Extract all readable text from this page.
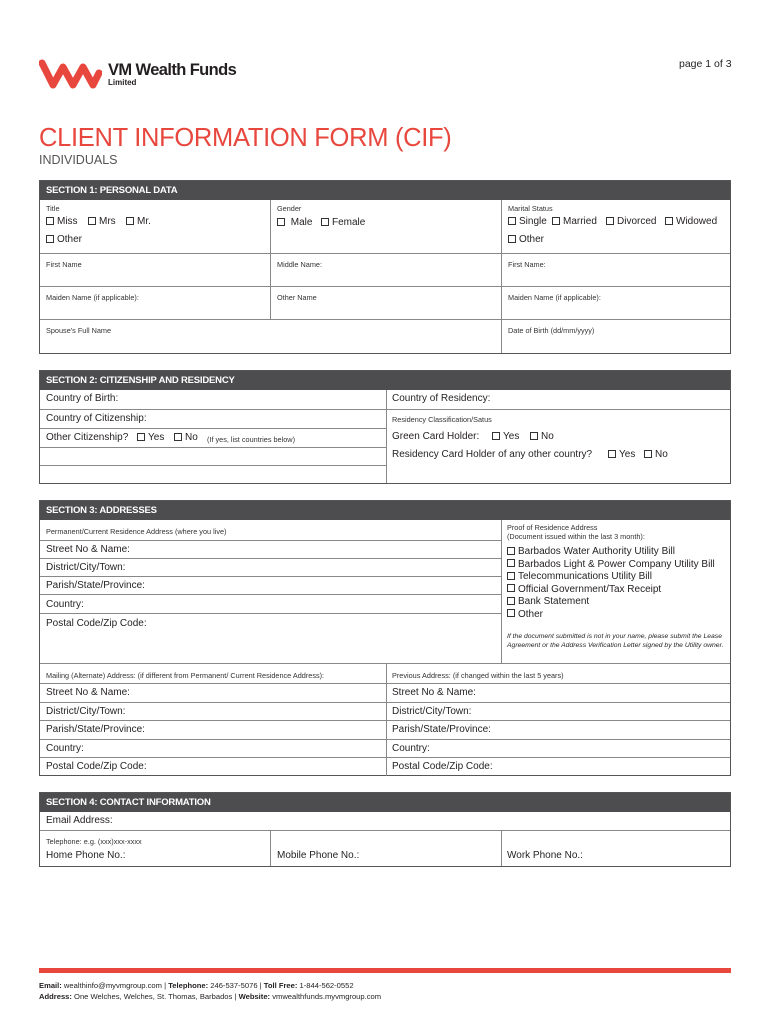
page 1 of 3
VM Wealth Funds
Limited
CLIENT INFORMATION FORM (CIF)
INDIVIDUALS
SECTION 1: PERSONAL DATA
Title
Miss	Mrs	Mr.
Other
Gender
Male	Female
Marital Status
Single	Married	Divorced	Widowed
Other
First Name	Middle Name:	First Name:
Maiden Name (if applicable):	Other Name	Maiden Name (if applicable):
Spouse's Full Name	Date of Birth (dd/mm/yyyy)
SECTION 2: CITIZENSHIP AND RESIDENCY
Country of Birth:	Country of Residency:
Country of Citizenship:	Residency Classification/Satus
Other Citizenship?	Yes	No (If yes, list countries below)	Green Card Holder:	Yes	No
Residency Card Holder of any other country?	Yes	No
SECTION 3: ADDRESSES
Permanent/Current Residence Address (where you live)
Street No & Name:
District/City/Town:
Parish/State/Province:
Country:
Postal Code/Zip Code:
Proof of Residence Address
(Document issued within the last 3 month):
Barbados Water Authority Utility Bill
Barbados Light & Power Company Utility Bill
Telecommunications Utility Bill
Official Government/Tax Receipt
Bank Statement
Other
If the document submitted is not in your name, please submit the Lease Agreement or the Address Verification Letter signed by the Utility owner.
Mailing (Alternate) Address: (if different from Permanent/ Current Residence Address):	Previous Address: (if changed within the last 5 years)
Street No & Name:	Street No & Name:
District/City/Town:	District/City/Town:
Parish/State/Province:	Parish/State/Province:
Country:	Country:
Postal Code/Zip Code:	Postal Code/Zip Code:
SECTION 4: CONTACT INFORMATION
Email Address:
Telephone: e.g. (xxx)xxx-xxxx
Home Phone No.:	Mobile Phone No.:	Work Phone No.:
Email: wealthinfo@myvmgroup.com | Telephone: 246-537-5076 | Toll Free: 1-844-562-0552
Address: One Welches, Welches, St. Thomas, Barbados | Website: vmwealthfunds.myvmgroup.com
